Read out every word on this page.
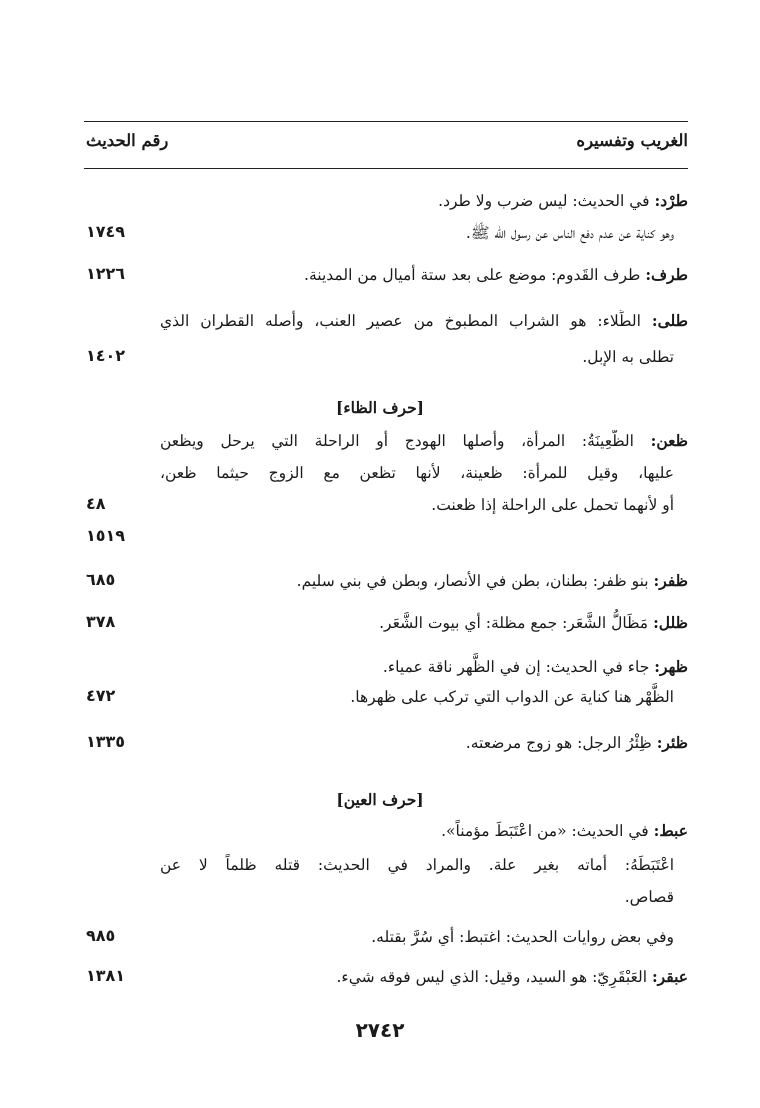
الغريب وتفسيره
رقم الحديث
طرْد: في الحديث: ليس ضرب ولا طرد.
وهو كناية عن عدم دفع الناس عن رسول الله ﷺ.
١٧٤٩
طرف: طرف القَدوم: موضع على بعد ستة أميال من المدينة.
١٢٢٦
طلى: الطِّلاء: هو الشراب المطبوخ من عصير العنب، وأصله القطران الذي
تطلى به الإبل.
١٤٠٢
[حرف الظاء]
ظعن: الظَّعِينَةُ: المرأة، وأصلها الهودج أو الراحلة التي يرحل ويظعن
عليها، وقيل للمرأة: ظعينة، لأنها تظعن مع الزوج حيثما ظعن،
أو لأنهما تحمل على الراحلة إذا ظعنت.
٤٨
١٥١٩
ظفر: بنو ظفر: بطنان، بطن في الأنصار، وبطن في بني سليم.
٦٨٥
ظلل: مَظَالُّ الشَّعَر: جمع مظلة: أي بيوت الشَّعَر.
٣٧٨
ظهر: جاء في الحديث: إن في الظَّهر ناقة عمياء.
الظَّهْر هنا كناية عن الدواب التي تركب على ظهرها.
٤٧٢
ظئر: ظِئْرُ الرجل: هو زوج مرضعته.
١٣٣٥
[حرف العين]
عبط: في الحديث: «من اعْتَبَطَ مؤمناً».
اعْتَبَطَهُ: أماته بغير علة. والمراد في الحديث: قتله ظلماً لا عن
قصاص.
وفي بعض روايات الحديث: اغتبط: أي سُرَّ بقتله.
٩٨٥
عبقر: العَبْقَرِيّ: هو السيد، وقيل: الذي ليس فوقه شيء.
١٣٨١
٢٧٤٢
